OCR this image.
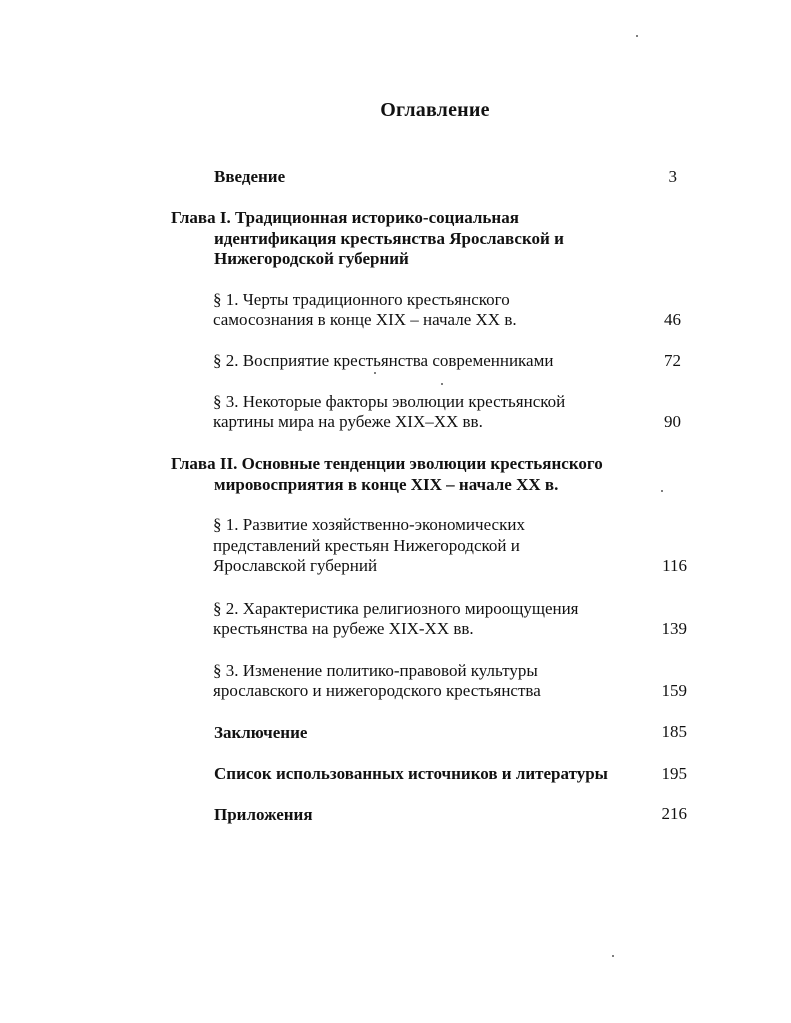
Оглавление
Введение	3
Глава I. Традиционная историко-социальная
идентификация крестьянства Ярославской и
Нижегородской губерний
§ 1. Черты традиционного крестьянского
самосознания в конце XIX – начале XX в.	46
§ 2. Восприятие крестьянства современниками	72
§ 3. Некоторые факторы эволюции крестьянской
картины мира на рубеже XIX–XX вв.	90
Глава II. Основные тенденции эволюции крестьянского
мировосприятия в конце XIX – начале XX в.
§ 1. Развитие хозяйственно-экономических
представлений крестьян Нижегородской и
Ярославской губерний	116
§ 2. Характеристика религиозного мироощущения
крестьянства на рубеже XIX-XX вв.	139
§ 3. Изменение политико-правовой культуры
ярославского и нижегородского крестьянства	159
Заключение	185
Список использованных источников и литературы	195
Приложения	216
